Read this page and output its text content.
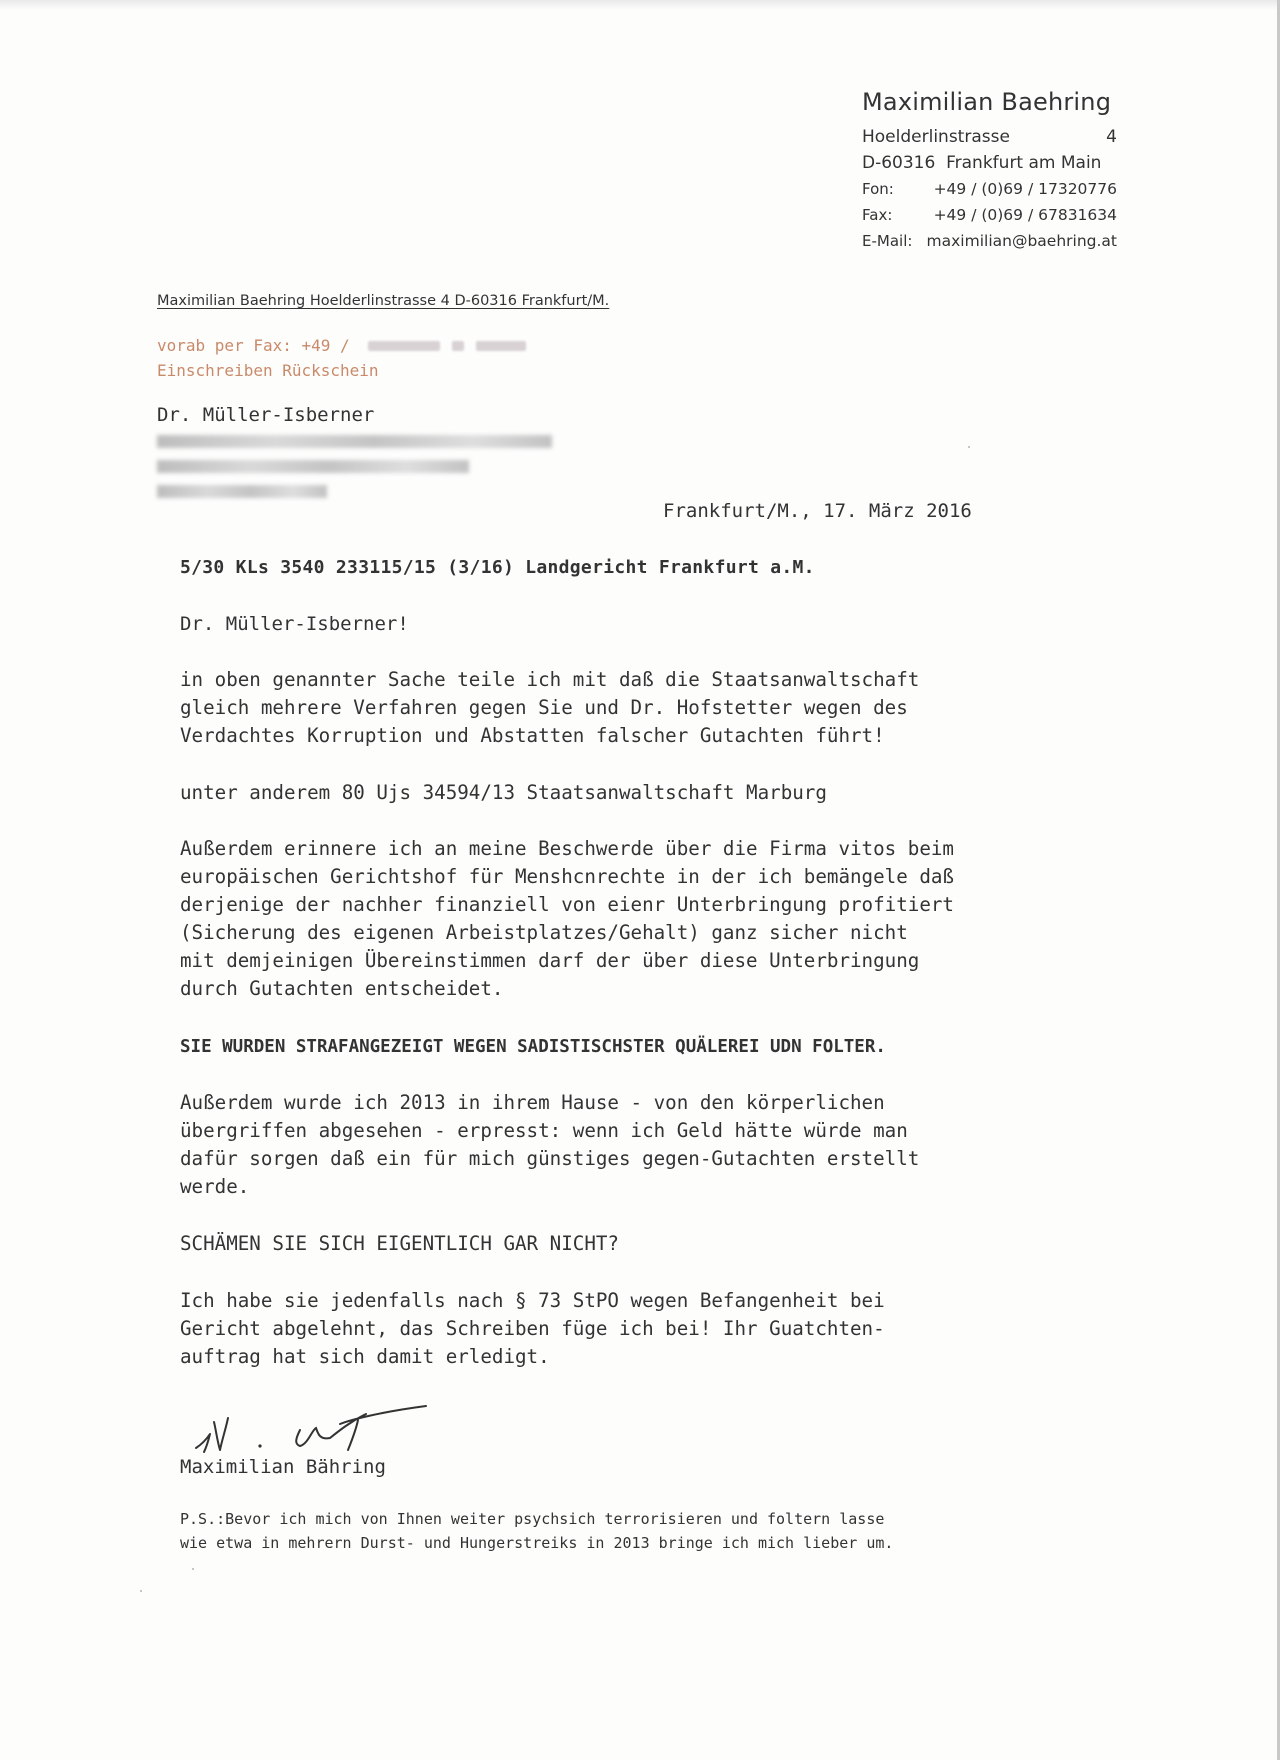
Maximilian Baehring
Hoelderlinstrasse	4
D-60316  Frankfurt am Main
Fon:	+49 / (0)69 / 17320776
Fax:	+49 / (0)69 / 67831634
E-Mail: maximilian@baehring.at
Maximilian Baehring Hoelderlinstrasse 4 D-60316 Frankfurt/M.
vorab per Fax: +49 /
Einschreiben Rückschein
Dr. Müller-Isberner
Frankfurt/M., 17. März 2016
5/30 KLs 3540 233115/15 (3/16) Landgericht Frankfurt a.M.
Dr. Müller-Isberner!
in oben genannter Sache teile ich mit daß die Staatsanwaltschaft
gleich mehrere Verfahren gegen Sie und Dr. Hofstetter wegen des
Verdachtes Korruption und Abstatten falscher Gutachten führt!
unter anderem 80 Ujs 34594/13 Staatsanwaltschaft Marburg
Außerdem erinnere ich an meine Beschwerde über die Firma vitos beim
europäischen Gerichtshof für Menshcnrechte in der ich bemängele daß
derjenige der nachher finanziell von eienr Unterbringung profitiert
(Sicherung des eigenen Arbeistplatzes/Gehalt) ganz sicher nicht
mit demjeinigen Übereinstimmen darf der über diese Unterbringung
durch Gutachten entscheidet.
SIE WURDEN STRAFANGEZEIGT WEGEN SADISTISCHSTER QUÄLEREI UDN FOLTER.
Außerdem wurde ich 2013 in ihrem Hause - von den körperlichen
übergriffen abgesehen - erpresst: wenn ich Geld hätte würde man
dafür sorgen daß ein für mich günstiges gegen-Gutachten erstellt
werde.
SCHÄMEN SIE SICH EIGENTLICH GAR NICHT?
Ich habe sie jedenfalls nach § 73 StPO wegen Befangenheit bei
Gericht abgelehnt, das Schreiben füge ich bei! Ihr Guatchten-
auftrag hat sich damit erledigt.
Maximilian Bähring
P.S.:Bevor ich mich von Ihnen weiter psychsich terrorisieren und foltern lasse
wie etwa in mehrern Durst- und Hungerstreiks in 2013 bringe ich mich lieber um.
